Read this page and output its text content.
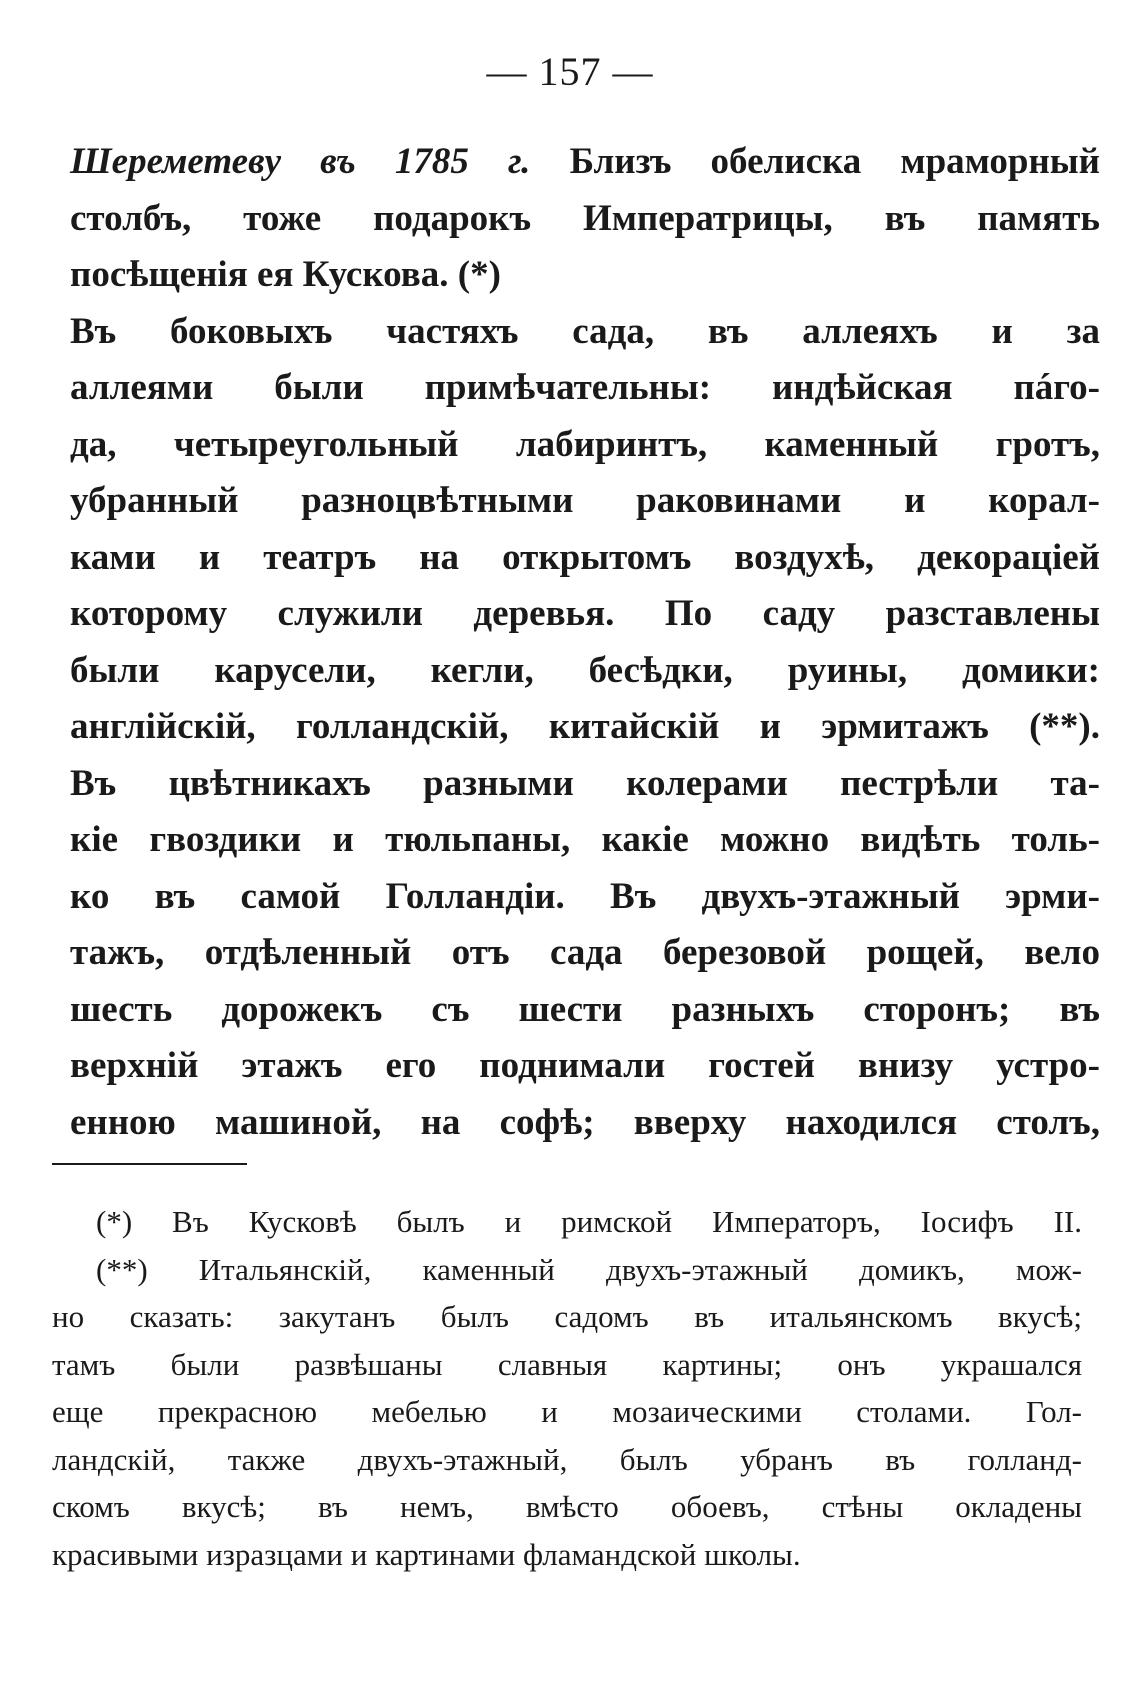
— 157 —
Шереметеву въ 1785 г. Близъ обелиска мраморный
столбъ, тоже подарокъ Императрицы, въ память
посѣщенія ея Кускова. (*)
Въ боковыхъ частяхъ сада, въ аллеяхъ и за
аллеями были примѣчательны: индѣйская пáго-
да, четыреугольный лабиринтъ, каменный гротъ,
убранный разноцвѣтными раковинами и корал-
ками и театръ на открытомъ воздухѣ, декораціей
которому служили деревья. По саду разставлены
были карусели, кегли, бесѣдки, руины, домики:
англійскій, голландскій, китайскій и эрмитажъ (**).
Въ цвѣтникахъ разными колерами пестрѣли та-
кіе гвоздики и тюльпаны, какіе можно видѣть толь-
ко въ самой Голландіи. Въ двухъ-этажный эрми-
тажъ, отдѣленный отъ сада березовой рощей, вело
шесть дорожекъ съ шести разныхъ сторонъ; въ
верхній этажъ его поднимали гостей внизу устро-
енною машиной, на софѣ; вверху находился столъ,
(*) Въ Кусковѣ былъ и римской Императоръ, Іосифъ II.
(**) Итальянскій, каменный двухъ-этажный домикъ, мож-
но сказать: закутанъ былъ садомъ въ итальянскомъ вкусѣ;
тамъ были развѣшаны славныя картины; онъ украшался
еще прекрасною мебелью и мозаическими столами. Гол-
ландскій, также двухъ-этажный, былъ убранъ въ голланд-
скомъ вкусѣ; въ немъ, вмѣсто обоевъ, стѣны окладены
красивыми изразцами и картинами фламандской школы.
